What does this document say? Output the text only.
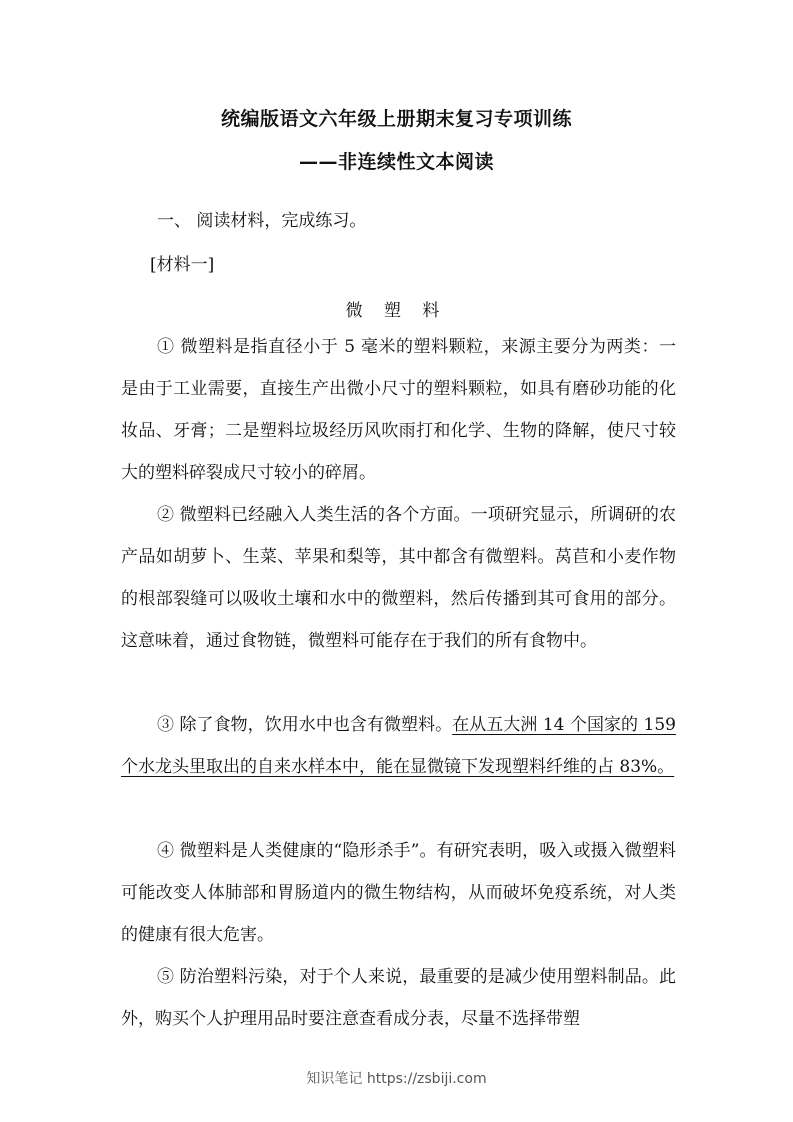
统编版语文六年级上册期末复习专项训练
——非连续性文本阅读
一、 阅读材料，完成练习。
[材料一]
微 塑 料

① 微塑料是指直径小于 5 毫米的塑料颗粒，来源主要分为两类：一是由于工业需要，直接生产出微小尺寸的塑料颗粒，如具有磨砂功能的化妆品、牙膏；二是塑料垃圾经历风吹雨打和化学、生物的降解，使尺寸较大的塑料碎裂成尺寸较小的碎屑。

② 微塑料已经融入人类生活的各个方面。一项研究显示，所调研的农产品如胡萝卜、生菜、苹果和梨等，其中都含有微塑料。莴苣和小麦作物的根部裂缝可以吸收土壤和水中的微塑料，然后传播到其可食用的部分。这意味着，通过食物链，微塑料可能存在于我们的所有食物中。

③ 除了食物，饮用水中也含有微塑料。在从五大洲 14 个国家的 159 个水龙头里取出的自来水样本中，能在显微镜下发现塑料纤维的占 83%。

④ 微塑料是人类健康的“隐形杀手”。有研究表明，吸入或摄入微塑料可能改变人体肺部和胃肠道内的微生物结构，从而破坏免疫系统，对人类的健康有很大危害。

⑤ 防治塑料污染，对于个人来说，最重要的是减少使用塑料制品。此外，购买个人护理用品时要注意查看成分表，尽量不选择带塑

知识笔记 https://zsbiji.com
